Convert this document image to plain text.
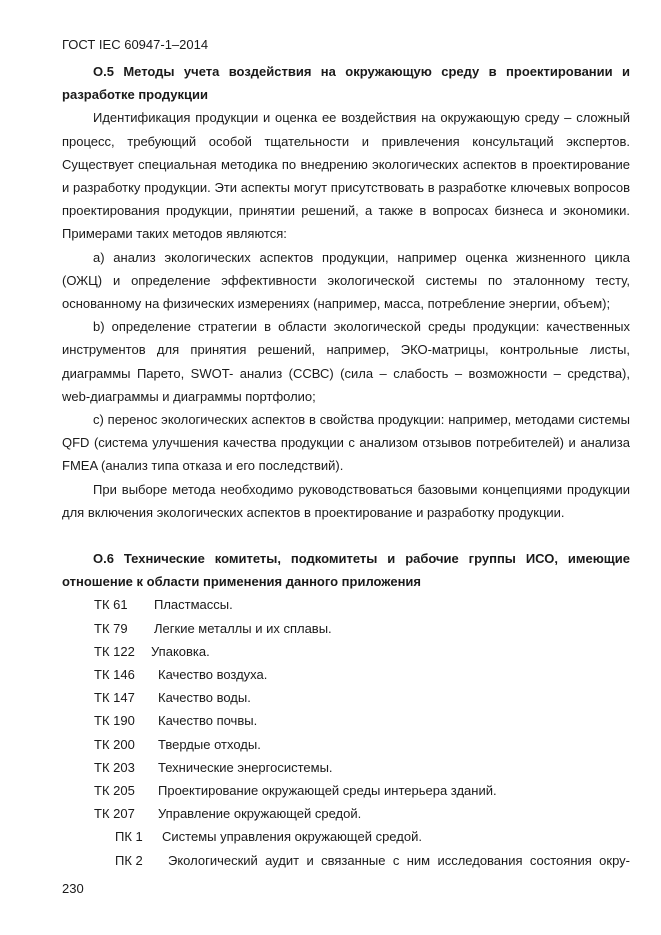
ГОСТ IEC 60947-1–2014

О.5 Методы учета воздействия на окружающую среду в проектировании и разработке продукции

Идентификация продукции и оценка ее воздействия на окружающую среду – сложный процесс, требующий особой тщательности и привлечения консультаций экспертов. Существует специальная методика по внедрению экологических аспектов в проектирование и разработку продукции. Эти аспекты могут присутствовать в разработке ключевых вопросов проектирования продукции, принятии решений, а также в вопросах бизнеса и экономики. Примерами таких методов являются:

a) анализ экологических аспектов продукции, например оценка жизненного цикла (ОЖЦ) и определение эффективности экологической системы по эталонному тесту, основанному на физических измерениях (например, масса, потребление энергии, объем);

b) определение стратегии в области экологической среды продукции: качественных инструментов для принятия решений, например, ЭКО-матрицы, контрольные листы, диаграммы Парето, SWOT- анализ (ССВС) (сила – слабость – возможности – средства), web-диаграммы и диаграммы портфолио;

c) перенос экологических аспектов в свойства продукции: например, методами системы QFD (система улучшения качества продукции с анализом отзывов потребителей) и анализа FMEA (анализ типа отказа и его последствий).

При выборе метода необходимо руководствоваться базовыми концепциями продукции для включения экологических аспектов в проектирование и разработку продукции.

О.6 Технические комитеты, подкомитеты и рабочие группы ИСО, имеющие отношение к области применения данного приложения

ТК 61 Пластмассы.
ТК 79 Легкие металлы и их сплавы.
ТК 122 Упаковка.
ТК 146 Качество воздуха.
ТК 147 Качество воды.
ТК 190 Качество почвы.
ТК 200 Твердые отходы.
ТК 203 Технические энергосистемы.
ТК 205 Проектирование окружающей среды интерьера зданий.
ТК 207 Управление окружающей средой.
ПК 1 Системы управления окружающей средой.
ПК 2 Экологический аудит и связанные с ним исследования состояния окру-
230
